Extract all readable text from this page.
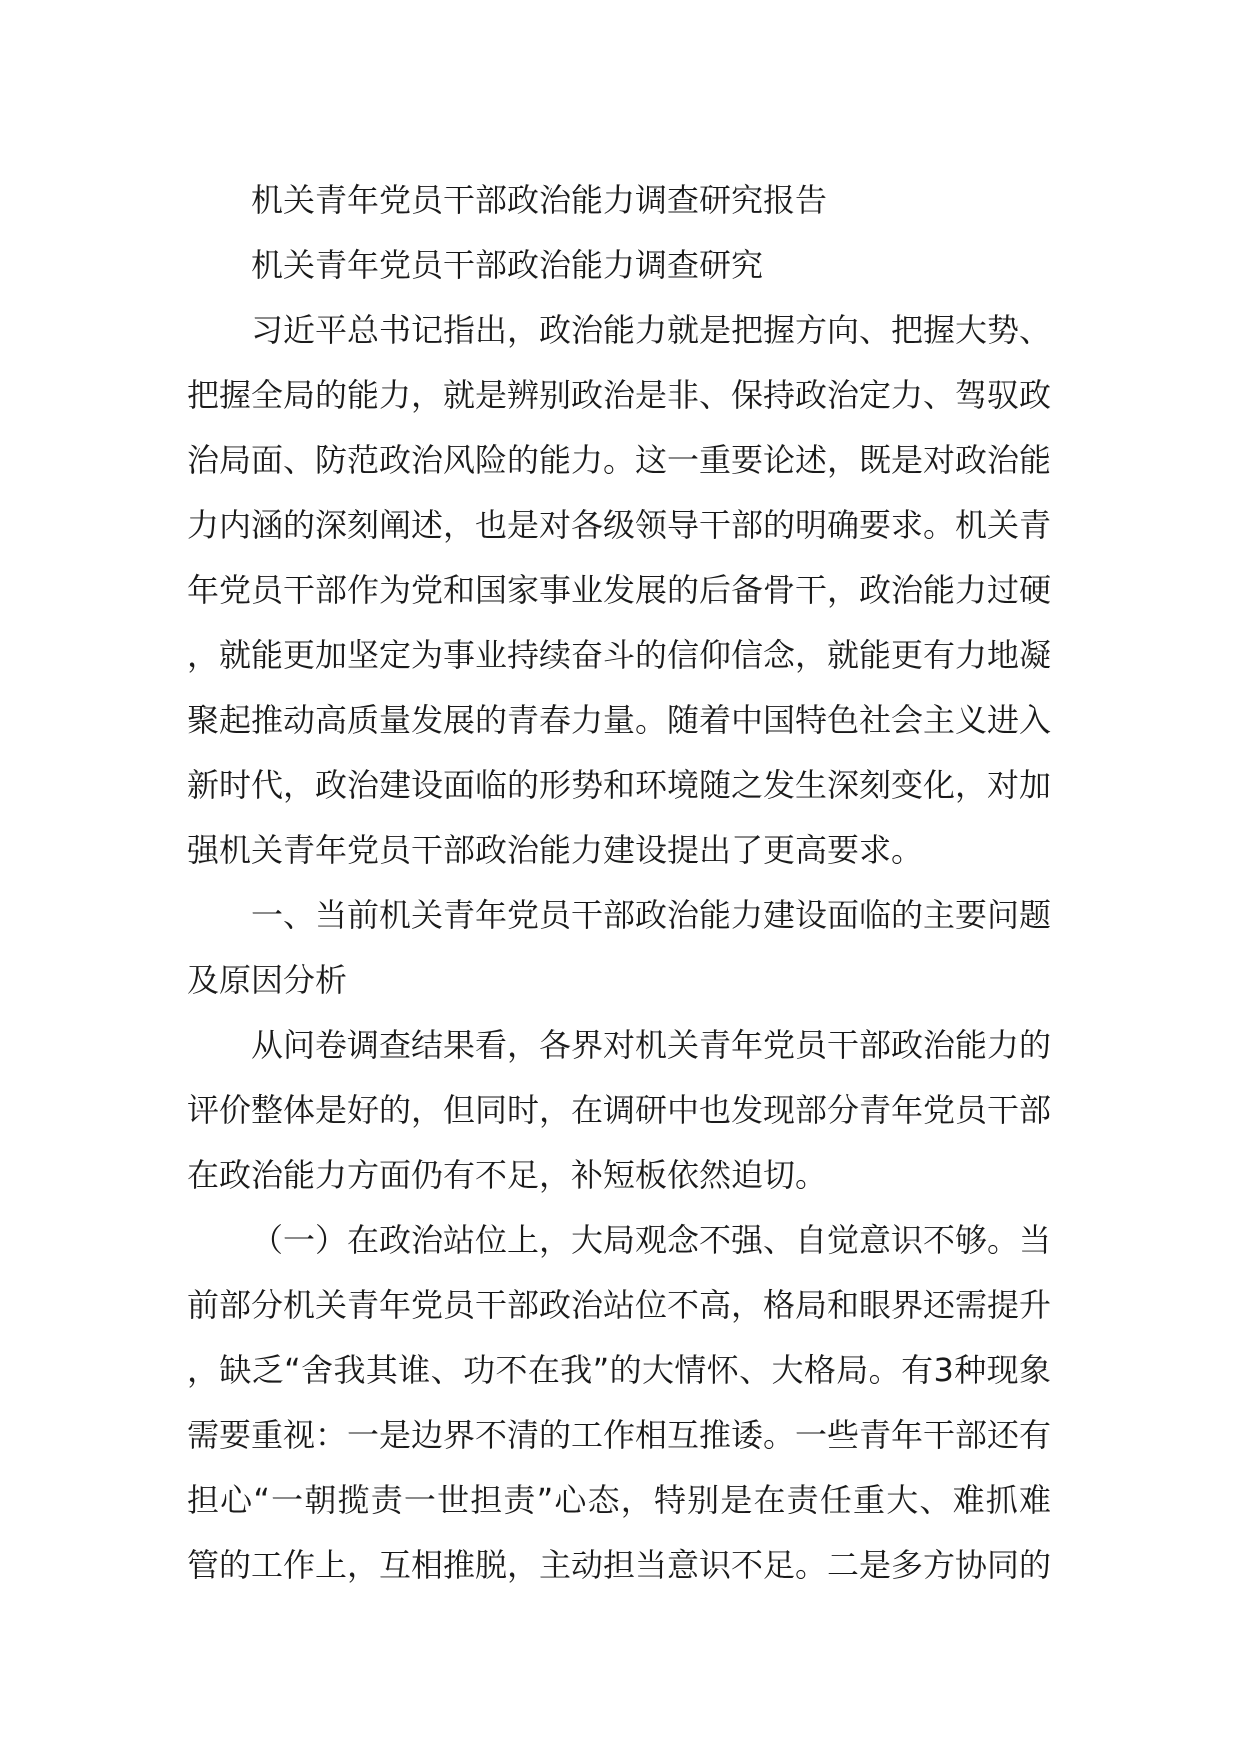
机关青年党员干部政治能力调查研究报告

机关青年党员干部政治能力调查研究

习近平总书记指出，政治能力就是把握方向、把握大势、把握全局的能力，就是辨别政治是非、保持政治定力、驾驭政治局面、防范政治风险的能力。这一重要论述，既是对政治能力内涵的深刻阐述，也是对各级领导干部的明确要求。机关青年党员干部作为党和国家事业发展的后备骨干，政治能力过硬，就能更加坚定为事业持续奋斗的信仰信念，就能更有力地凝聚起推动高质量发展的青春力量。随着中国特色社会主义进入新时代，政治建设面临的形势和环境随之发生深刻变化，对加强机关青年党员干部政治能力建设提出了更高要求。

一、当前机关青年党员干部政治能力建设面临的主要问题及原因分析

从问卷调查结果看，各界对机关青年党员干部政治能力的评价整体是好的，但同时，在调研中也发现部分青年党员干部在政治能力方面仍有不足，补短板依然迫切。

（一）在政治站位上，大局观念不强、自觉意识不够。当前部分机关青年党员干部政治站位不高，格局和眼界还需提升，缺乏“舍我其谁、功不在我”的大情怀、大格局。有3种现象需要重视：一是边界不清的工作相互推诿。一些青年干部还有担心“一朝揽责一世担责”心态，特别是在责任重大、难抓难管的工作上，互相推脱，主动担当意识不足。二是多方协同的
